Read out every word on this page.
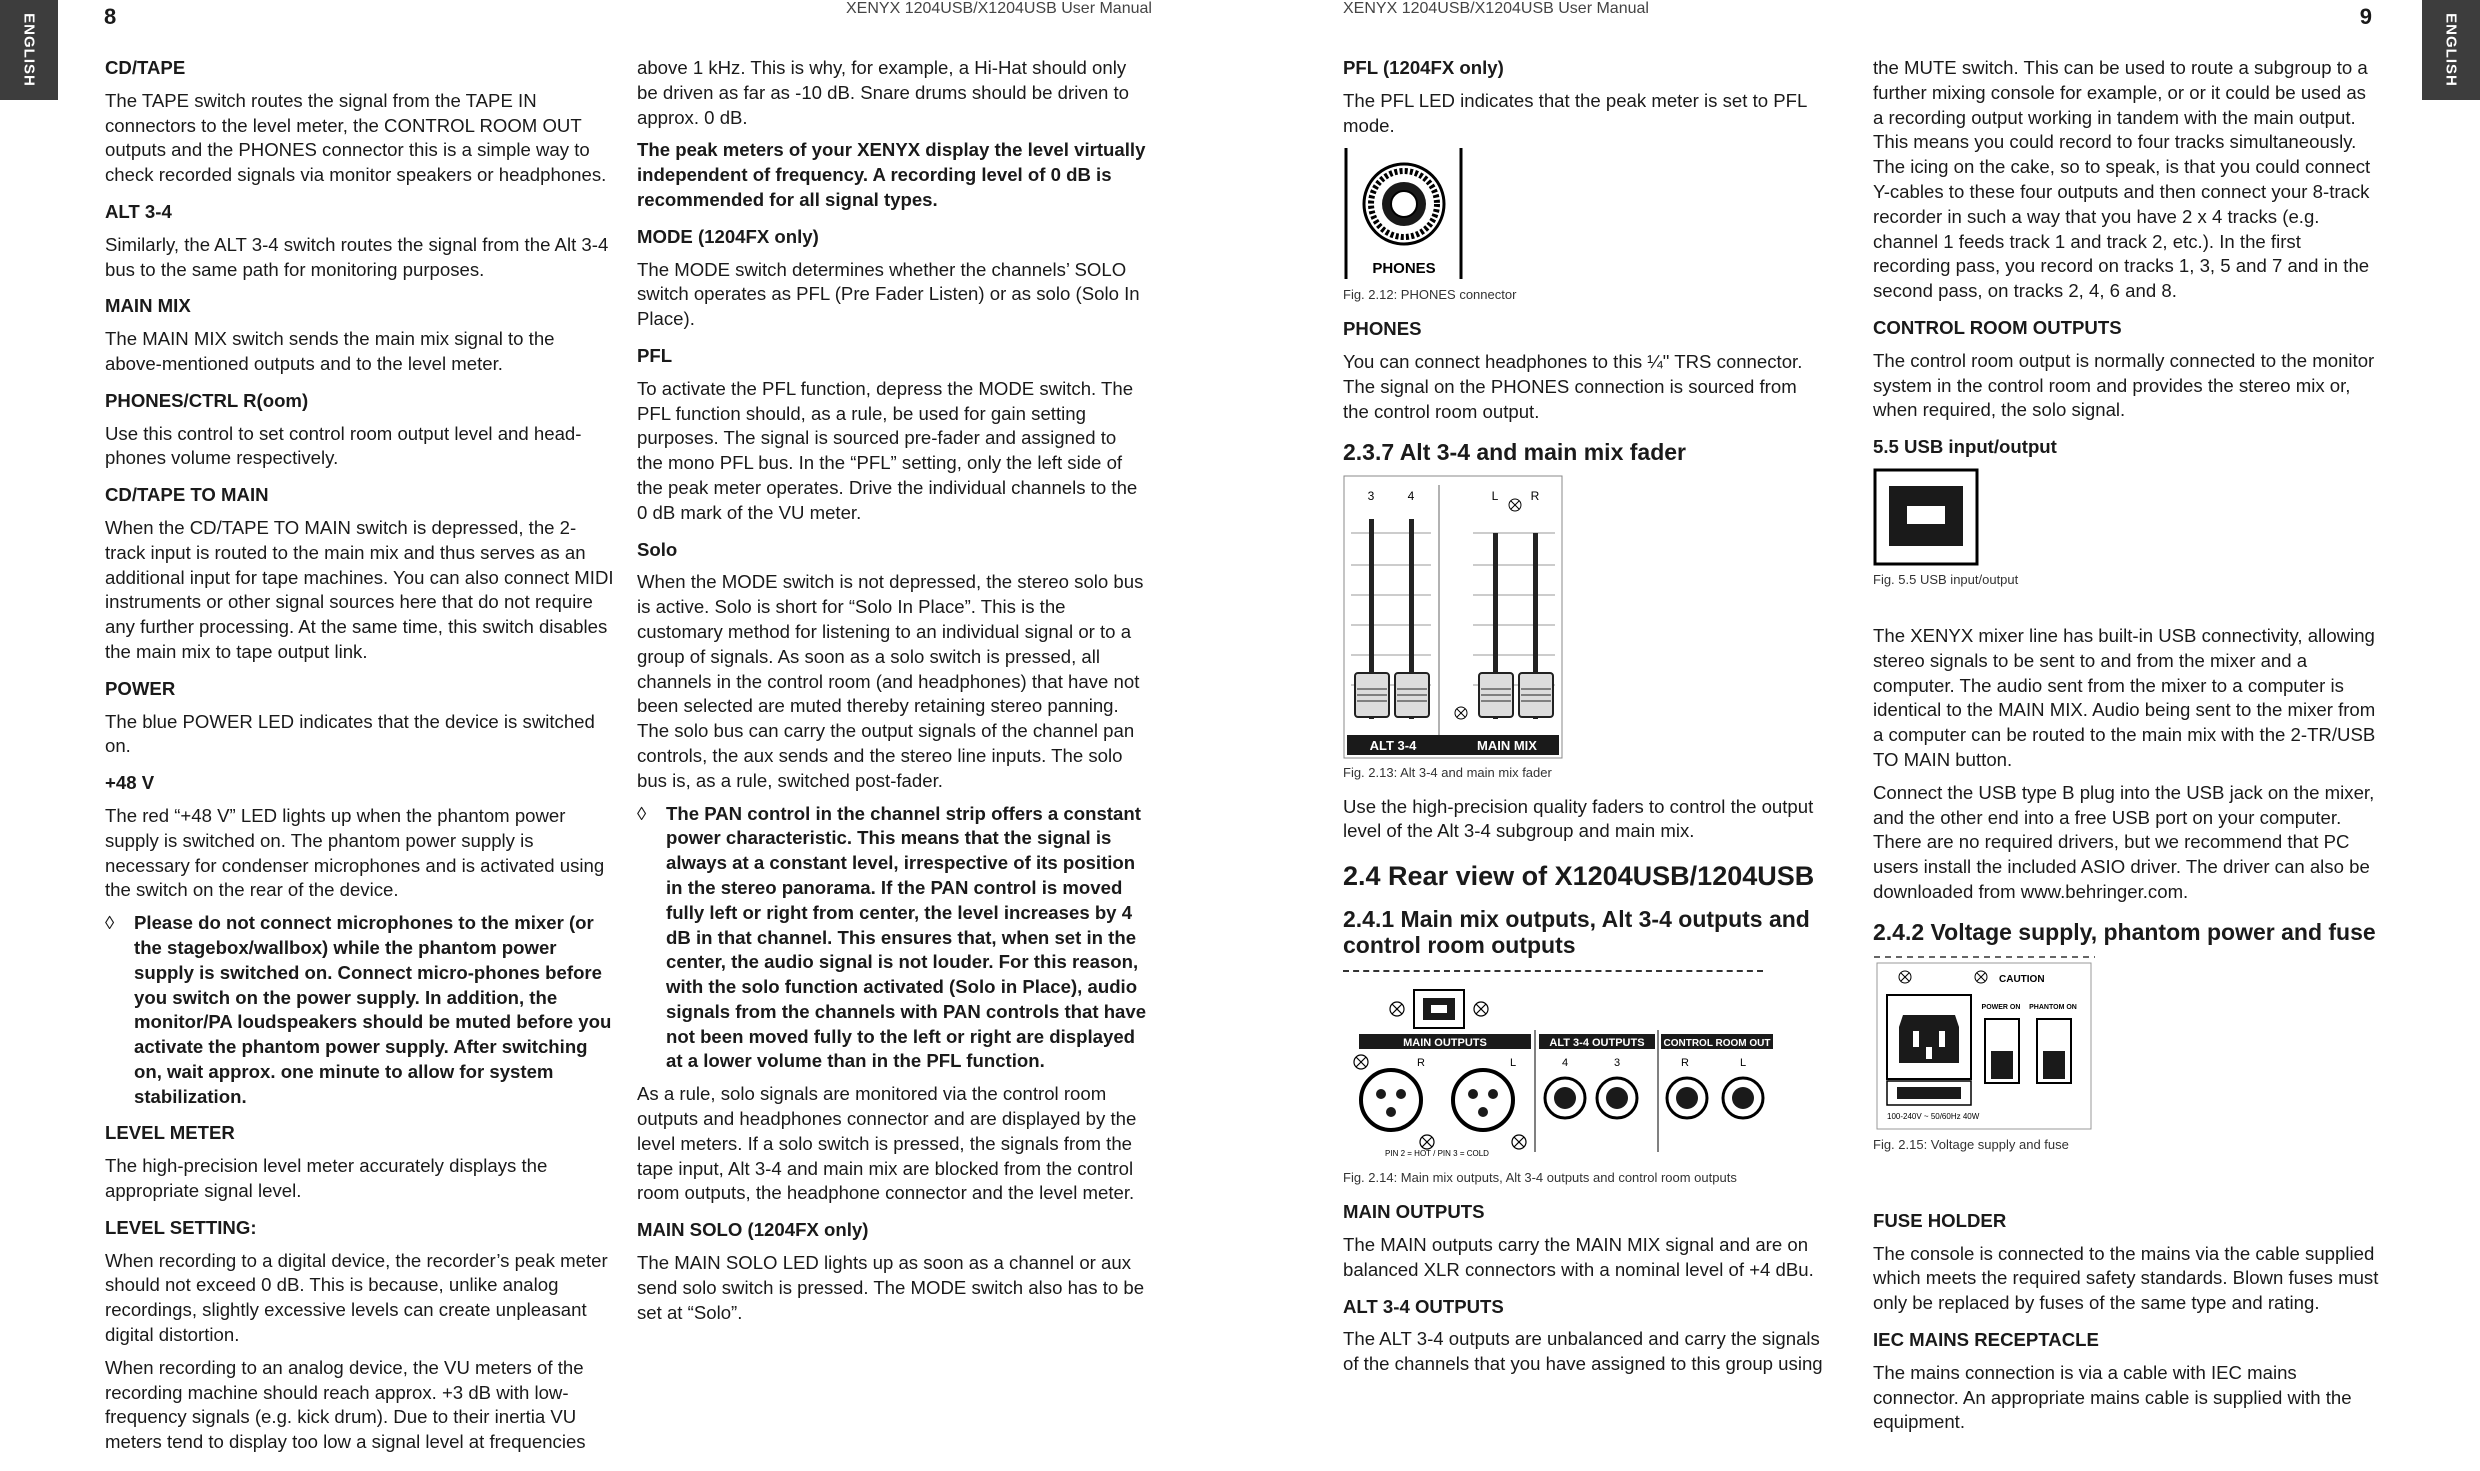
ENGLISH	ENGLISH
8	9
XENYX 1204USB/X1204USB User Manual	XENYX 1204USB/X1204USB User Manual
CD/TAPE

The TAPE switch routes the signal from the TAPE IN connectors to the level meter, the CONTROL ROOM OUT outputs and the PHONES connector this is a simple way to check recorded signals via monitor speakers or headphones.

ALT 3-4

Similarly, the ALT 3-4 switch routes the signal from the Alt 3-4 bus to the same path for monitoring purposes.

MAIN MIX

The MAIN MIX switch sends the main mix signal to the above-mentioned outputs and to the level meter.

PHONES/CTRL R(oom)

Use this control to set control room output level and head-phones volume respectively.

CD/TAPE TO MAIN

When the CD/TAPE TO MAIN switch is depressed, the 2-track input is routed to the main mix and thus serves as an additional input for tape machines. You can also connect MIDI instruments or other signal sources here that do not require any further processing. At the same time, this switch disables the main mix to tape output link.

POWER

The blue POWER LED indicates that the device is switched on.

+48 V

The red “+48 V” LED lights up when the phantom power supply is switched on. The phantom power supply is necessary for condenser microphones and is activated using the switch on the rear of the device.

◊	Please do not connect microphones to the mixer (or the stagebox/wallbox) while the phantom power supply is switched on. Connect micro-phones before you switch on the power supply. In addition, the monitor/PA loudspeakers should be muted before you activate the phantom power supply. After switching on, wait approx. one minute to allow for system stabilization.
LEVEL METER

The high-precision level meter accurately displays the appropriate signal level.

LEVEL SETTING:

When recording to a digital device, the recorder’s peak meter should not exceed 0 dB. This is because, unlike analog recordings, slightly excessive levels can create unpleasant digital distortion.

When recording to an analog device, the VU meters of the recording machine should reach approx. +3 dB with low-frequency signals (e.g. kick drum). Due to their inertia VU meters tend to display too low a signal level at frequencies

above 1 kHz. This is why, for example, a Hi-Hat should only be driven as far as -10 dB. Snare drums should be driven to approx. 0 dB.

The peak meters of your XENYX display the level virtually independent of frequency. A recording level of 0 dB is recommended for all signal types.

MODE (1204FX only)

The MODE switch determines whether the channels’ SOLO switch operates as PFL (Pre Fader Listen) or as solo (Solo In Place).

PFL

To activate the PFL function, depress the MODE switch. The PFL function should, as a rule, be used for gain setting purposes. The signal is sourced pre-fader and assigned to the mono PFL bus. In the “PFL” setting, only the left side of the peak meter operates. Drive the individual channels to the 0 dB mark of the VU meter.

Solo

When the MODE switch is not depressed, the stereo solo bus is active. Solo is short for “Solo In Place”. This is the customary method for listening to an individual signal or to a group of signals. As soon as a solo switch is pressed, all channels in the control room (and headphones) that have not been selected are muted thereby retaining stereo panning. The solo bus can carry the output signals of the channel pan controls, the aux sends and the stereo line inputs. The solo bus is, as a rule, switched post-fader.

◊	The PAN control in the channel strip offers a constant power characteristic. This means that the signal is always at a constant level, irrespective of its position in the stereo panorama. If the PAN control is moved fully left or right from center, the level increases by 4 dB in that channel. This ensures that, when set in the center, the audio signal is not louder. For this reason, with the solo function activated (Solo in Place), audio signals from the channels with PAN controls that have not been moved fully to the left or right are displayed at a lower volume than in the PFL function.

As a rule, solo signals are monitored via the control room outputs and headphones connector and are displayed by the level meters. If a solo switch is pressed, the signals from the tape input, Alt 3-4 and main mix are blocked from the control room outputs, the headphone connector and the level meter.

MAIN SOLO (1204FX only)

The MAIN SOLO LED lights up as soon as a channel or aux send solo switch is pressed. The MODE switch also has to be set at “Solo”.

PFL (1204FX only)

The PFL LED indicates that the peak meter is set to PFL mode.

PHONES
Fig. 2.12: PHONES connector
PHONES

You can connect headphones to this ¼" TRS connector. The signal on the PHONES connection is sourced from the control room output.

2.3.7 Alt 3-4 and main mix fader
3	4	L	R
ALT 3-4	MAIN MIX
Fig. 2.13: Alt 3-4 and main mix fader

Use the high-precision quality faders to control the output level of the Alt 3-4 subgroup and main mix.

2.4 Rear view of X1204USB/1204USB
2.4.1 Main mix outputs, Alt 3-4 outputs and control room outputs
MAIN OUTPUTS	ALT 3-4 OUTPUTS CONTROL ROOM OUT
R	L	4	3	R	L
PIN 2 = HOT / PIN 3 = COLD
Fig. 2.14: Main mix outputs, Alt 3-4 outputs and control room outputs
MAIN OUTPUTS

The MAIN outputs carry the MAIN MIX signal and are on balanced XLR connectors with a nominal level of +4 dBu.

ALT 3-4 OUTPUTS

The ALT 3-4 outputs are unbalanced and carry the signals of the channels that you have assigned to this group using

the MUTE switch. This can be used to route a subgroup to a further mixing console for example, or or it could be used as a recording output working in tandem with the main output. This means you could record to four tracks simultaneously. The icing on the cake, so to speak, is that you could connect Y-cables to these four outputs and then connect your 8-track recorder in such a way that you have 2 x 4 tracks (e.g. channel 1 feeds track 1 and track 2, etc.). In the first recording pass, you record on tracks 1, 3, 5 and 7 and in the second pass, on tracks 2, 4, 6 and 8.

CONTROL ROOM OUTPUTS

The control room output is normally connected to the monitor system in the control room and provides the stereo mix or, when required, the solo signal.

5.5 USB input/output
Fig. 5.5 USB input/output

The XENYX mixer line has built-in USB connectivity, allowing stereo signals to be sent to and from the mixer and a computer. The audio sent from the mixer to a computer is identical to the MAIN MIX. Audio being sent to the mixer from a computer can be routed to the main mix with the 2-TR/USB TO MAIN button.

Connect the USB type B plug into the USB jack on the mixer, and the other end into a free USB port on your computer. There are no required drivers, but we recommend that PC users install the included ASIO driver. The driver can also be downloaded from www.behringer.com.

2.4.2 Voltage supply, phantom power and fuse
CAUTION
POWER ON PHANTOM ON
100-240V ~ 50/60Hz 40W
Fig. 2.15: Voltage supply and fuse
FUSE HOLDER

The console is connected to the mains via the cable supplied which meets the required safety standards. Blown fuses must only be replaced by fuses of the same type and rating.

IEC MAINS RECEPTACLE

The mains connection is via a cable with IEC mains connector. An appropriate mains cable is supplied with the equipment.
